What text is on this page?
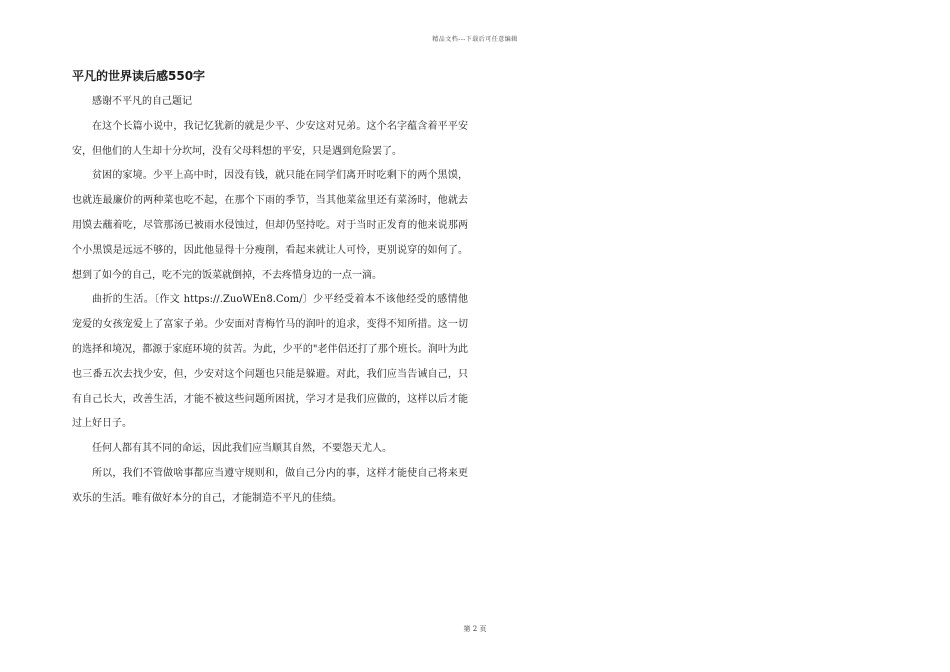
精品文档---下载后可任意编辑
平凡的世界读后感550字

感谢不平凡的自己题记

在这个长篇小说中，我记忆犹新的就是少平、少安这对兄弟。这个名字蕴含着平平安安，但他们的人生却十分坎坷，没有父母料想的平安，只是遇到危险罢了。

贫困的家境。少平上高中时，因没有钱，就只能在同学们离开时吃剩下的两个黑馍，也就连最廉价的两种菜也吃不起，在那个下雨的季节，当其他菜盆里还有菜汤时，他就去用馍去蘸着吃，尽管那汤已被雨水侵蚀过，但却仍坚持吃。对于当时正发育的他来说那两个小黑馍是远远不够的，因此他显得十分瘦削，看起来就让人可怜，更别说穿的如何了。想到了如今的自己，吃不完的饭菜就倒掉，不去疼惜身边的一点一滴。

曲折的生活。〔作文 https://.ZuoWEn8.Com/〕少平经受着本不该他经受的感情他宠爱的女孩宠爱上了富家子弟。少安面对青梅竹马的润叶的追求，变得不知所措。这一切的选择和境况，都源于家庭环境的贫苦。为此，少平的"老伴侣还打了那个班长。润叶为此也三番五次去找少安，但，少安对这个问题也只能是躲避。对此，我们应当告诫自己，只有自己长大，改善生活，才能不被这些问题所困扰，学习才是我们应做的，这样以后才能过上好日子。

任何人都有其不同的命运，因此我们应当顺其自然，不要怨天尤人。

所以，我们不管做啥事都应当遵守规则和，做自己分内的事，这样才能使自己将来更欢乐的生活。唯有做好本分的自己，才能制造不平凡的佳绩。

第 2 页
